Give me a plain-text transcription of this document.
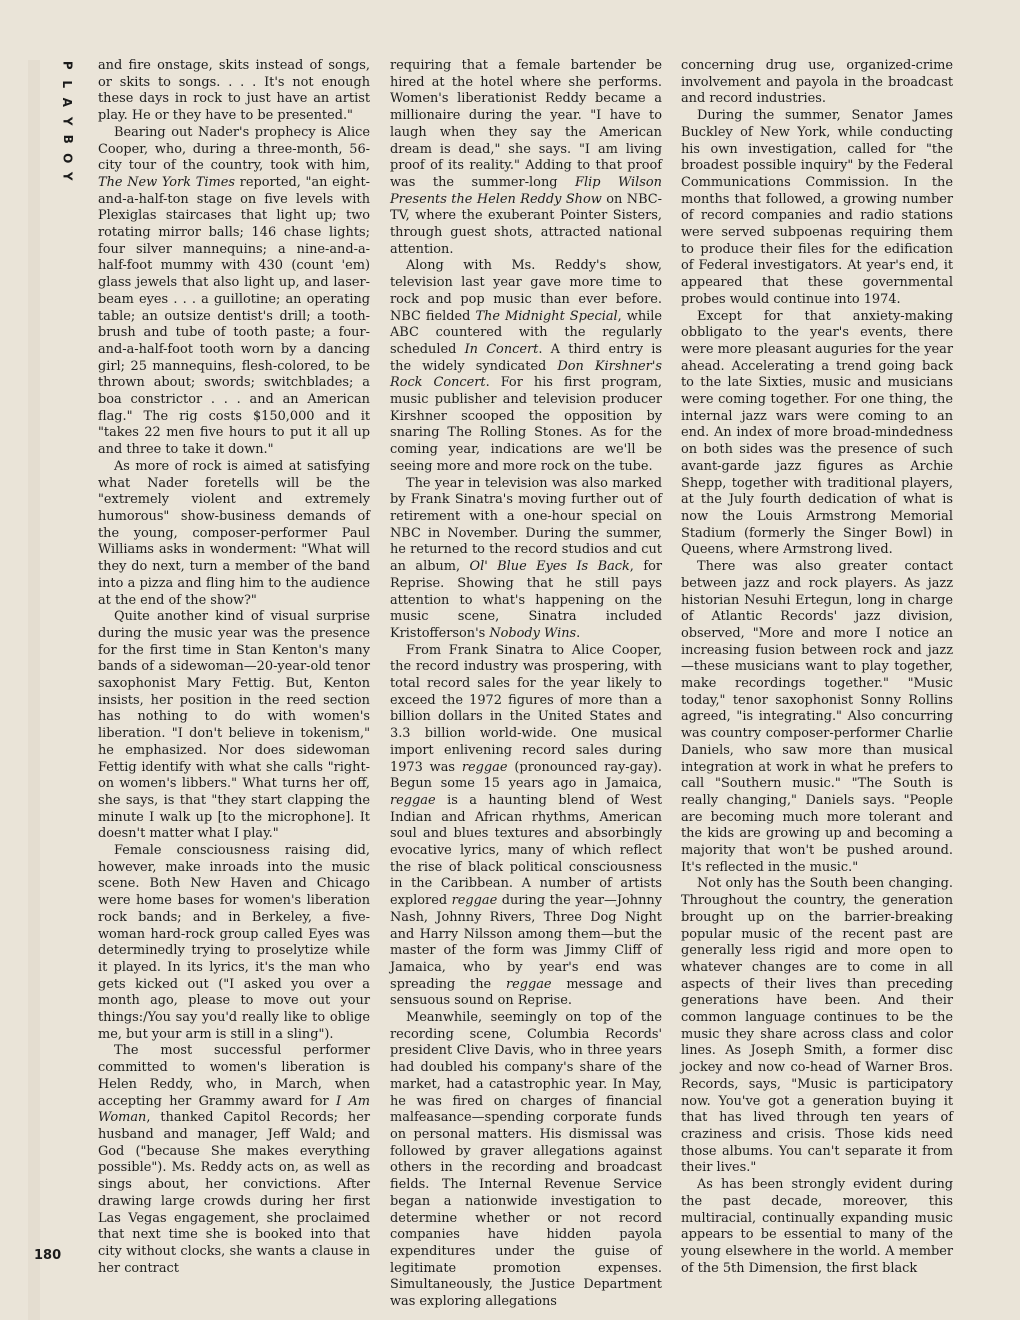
P
L
A
Y
B
O
Y
180

and fire onstage, skits instead of songs, or skits to songs. . . . It's not enough these days in rock to just have an artist play. He or they have to be presented."

Bearing out Nader's prophecy is Alice Cooper, who, during a three-month, 56-city tour of the country, took with him, The New York Times reported, "an eight-and-a-half-ton stage on five levels with Plexiglas staircases that light up; two rotating mirror balls; 146 chase lights; four silver mannequins; a nine-and-a-half-foot mummy with 430 (count 'em) glass jewels that also light up, and laser-beam eyes . . . a guillotine; an operating table; an outsize dentist's drill; a tooth-brush and tube of tooth paste; a four-and-a-half-foot tooth worn by a dancing girl; 25 mannequins, flesh-colored, to be thrown about; swords; switchblades; a boa constrictor . . . and an American flag." The rig costs $150,000 and it "takes 22 men five hours to put it all up and three to take it down."

As more of rock is aimed at satisfying what Nader foretells will be the "extremely violent and extremely humorous" show-business demands of the young, composer-performer Paul Williams asks in wonderment: "What will they do next, turn a member of the band into a pizza and fling him to the audience at the end of the show?"

Quite another kind of visual surprise during the music year was the presence for the first time in Stan Kenton's many bands of a sidewoman—20-year-old tenor saxophonist Mary Fettig. But, Kenton insists, her position in the reed section has nothing to do with women's liberation. "I don't believe in tokenism," he emphasized. Nor does sidewoman Fettig identify with what she calls "right-on women's libbers." What turns her off, she says, is that "they start clapping the minute I walk up [to the microphone]. It doesn't matter what I play."

Female consciousness raising did, however, make inroads into the music scene. Both New Haven and Chicago were home bases for women's liberation rock bands; and in Berkeley, a five-woman hard-rock group called Eyes was determinedly trying to proselytize while it played. In its lyrics, it's the man who gets kicked out ("I asked you over a month ago, please to move out your things:/You say you'd really like to oblige me, but your arm is still in a sling").

The most successful performer committed to women's liberation is Helen Reddy, who, in March, when accepting her Grammy award for I Am Woman, thanked Capitol Records; her husband and manager, Jeff Wald; and God ("because She makes everything possible"). Ms. Reddy acts on, as well as sings about, her convictions. After drawing large crowds during her first Las Vegas engagement, she proclaimed that next time she is booked into that city without clocks, she wants a clause in her contract

requiring that a female bartender be hired at the hotel where she performs. Women's liberationist Reddy became a millionaire during the year. "I have to laugh when they say the American dream is dead," she says. "I am living proof of its reality." Adding to that proof was the summer-long Flip Wilson Presents the Helen Reddy Show on NBC-TV, where the exuberant Pointer Sisters, through guest shots, attracted national attention.

Along with Ms. Reddy's show, television last year gave more time to rock and pop music than ever before. NBC fielded The Midnight Special, while ABC countered with the regularly scheduled In Concert. A third entry is the widely syndicated Don Kirshner's Rock Concert. For his first program, music publisher and television producer Kirshner scooped the opposition by snaring The Rolling Stones. As for the coming year, indications are we'll be seeing more and more rock on the tube.

The year in television was also marked by Frank Sinatra's moving further out of retirement with a one-hour special on NBC in November. During the summer, he returned to the record studios and cut an album, Ol' Blue Eyes Is Back, for Reprise. Showing that he still pays attention to what's happening on the music scene, Sinatra included Kristofferson's Nobody Wins.

From Frank Sinatra to Alice Cooper, the record industry was prospering, with total record sales for the year likely to exceed the 1972 figures of more than a billion dollars in the United States and 3.3 billion world-wide. One musical import enlivening record sales during 1973 was reggae (pronounced ray-gay). Begun some 15 years ago in Jamaica, reggae is a haunting blend of West Indian and African rhythms, American soul and blues textures and absorbingly evocative lyrics, many of which reflect the rise of black political consciousness in the Caribbean. A number of artists explored reggae during the year—Johnny Nash, Johnny Rivers, Three Dog Night and Harry Nilsson among them—but the master of the form was Jimmy Cliff of Jamaica, who by year's end was spreading the reggae message and sensuous sound on Reprise.

Meanwhile, seemingly on top of the recording scene, Columbia Records' president Clive Davis, who in three years had doubled his company's share of the market, had a catastrophic year. In May, he was fired on charges of financial malfeasance—spending corporate funds on personal matters. His dismissal was followed by graver allegations against others in the recording and broadcast fields. The Internal Revenue Service began a nationwide investigation to determine whether or not record companies have hidden payola expenditures under the guise of legitimate promotion expenses. Simultaneously, the Justice Department was exploring allegations

concerning drug use, organized-crime involvement and payola in the broadcast and record industries.

During the summer, Senator James Buckley of New York, while conducting his own investigation, called for "the broadest possible inquiry" by the Federal Communications Commission. In the months that followed, a growing number of record companies and radio stations were served subpoenas requiring them to produce their files for the edification of Federal investigators. At year's end, it appeared that these governmental probes would continue into 1974.

Except for that anxiety-making obbligato to the year's events, there were more pleasant auguries for the year ahead. Accelerating a trend going back to the late Sixties, music and musicians were coming together. For one thing, the internal jazz wars were coming to an end. An index of more broad-mindedness on both sides was the presence of such avant-garde jazz figures as Archie Shepp, together with traditional players, at the July fourth dedication of what is now the Louis Armstrong Memorial Stadium (formerly the Singer Bowl) in Queens, where Armstrong lived.

There was also greater contact between jazz and rock players. As jazz historian Nesuhi Ertegun, long in charge of Atlantic Records' jazz division, observed, "More and more I notice an increasing fusion between rock and jazz—these musicians want to play together, make recordings together." "Music today," tenor saxophonist Sonny Rollins agreed, "is integrating." Also concurring was country composer-performer Charlie Daniels, who saw more than musical integration at work in what he prefers to call "Southern music." "The South is really changing," Daniels says. "People are becoming much more tolerant and the kids are growing up and becoming a majority that won't be pushed around. It's reflected in the music."

Not only has the South been changing. Throughout the country, the generation brought up on the barrier-breaking popular music of the recent past are generally less rigid and more open to whatever changes are to come in all aspects of their lives than preceding generations have been. And their common language continues to be the music they share across class and color lines. As Joseph Smith, a former disc jockey and now co-head of Warner Bros. Records, says, "Music is participatory now. You've got a generation buying it that has lived through ten years of craziness and crisis. Those kids need those albums. You can't separate it from their lives."

As has been strongly evident during the past decade, moreover, this multiracial, continually expanding music appears to be essential to many of the young elsewhere in the world. A member of the 5th Dimension, the first black
